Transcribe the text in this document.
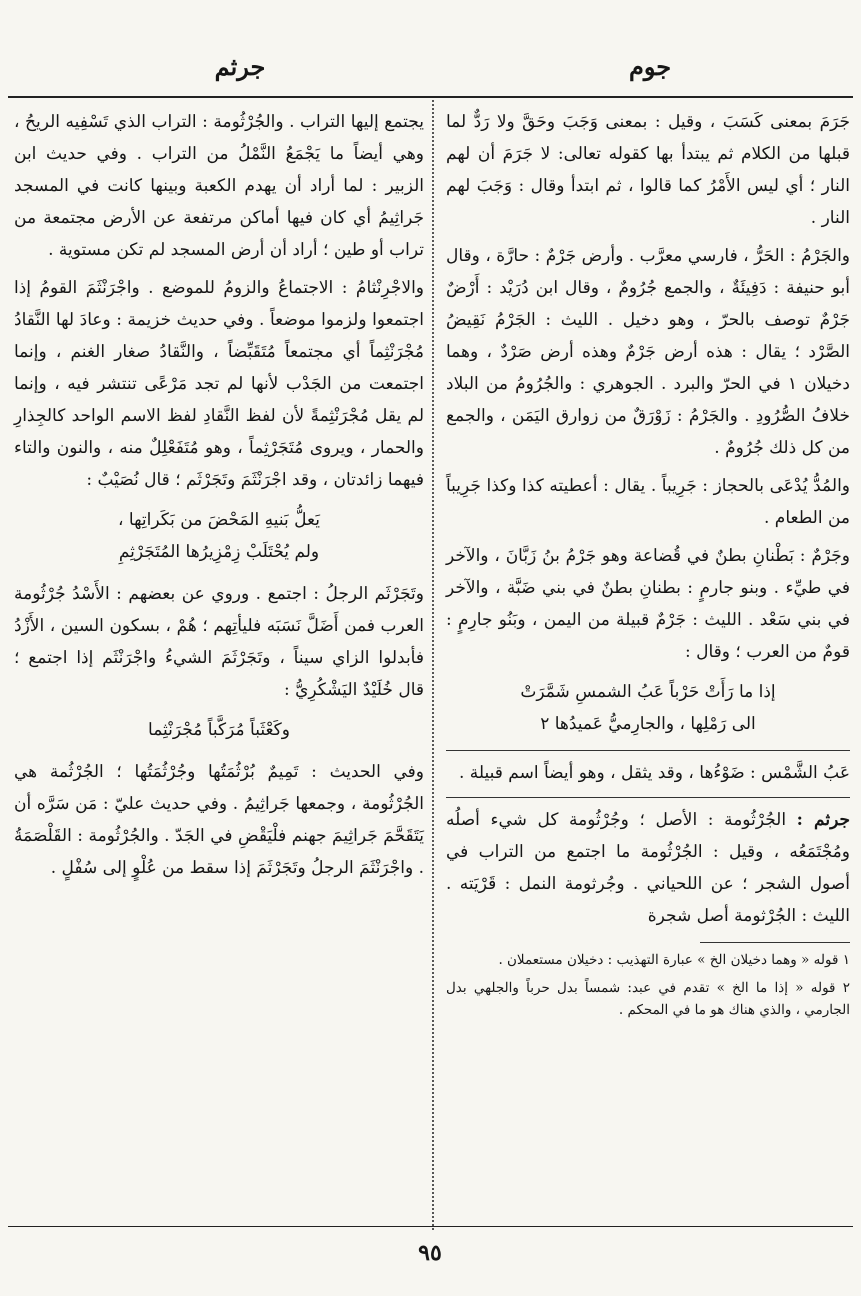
جوم
جرثم

جَرَمَ بمعنى كَسَبَ ، وقيل : بمعنى وَجَبَ وحَقَّ ولا رَدٌّ لما قبلها من الكلام ثم يبتدأ بها كقوله تعالى: لا جَرَمَ أن لهم النار ؛ أي ليس الأَمْرُ كما قالوا ، ثم ابتدأ وقال : وَجَبَ لهم النار .

والجَرْمُ : الحَرُّ ، فارسي معرَّب . وأرض جَرْمٌ : حارَّة ، وقال أبو حنيفة : دَفِيئَةٌ ، والجمع جُرُومٌ ، وقال ابن دُرَيْد : أَرْضٌ جَرْمٌ توصف بالحرّ ، وهو دخيل . الليث : الجَرْمُ نَقِيضُ الصَّرْد ؛ يقال : هذه أرض جَرْمٌ وهذه أرض صَرْدٌ ، وهما دخيلان ١ في الحرّ والبرد . الجوهري : والجُرُومُ من البلاد خلافُ الصُّرُودِ . والجَرْمُ : زَوْرَقٌ من زوارق اليَمَن ، والجمع من كل ذلك جُرُومٌ .

والمُدُّ يُدْعَى بالحجاز : جَرِيباً . يقال : أعطيته كذا وكذا جَرِيباً من الطعام .

وجَرْمٌ : بَطْنانِ بطنٌ في قُضاعة وهو جَرْمُ بنُ زَبَّانَ ، والآخر في طيِّء . وبنو جارمٍ : بطنانِ بطنٌ في بني ضَبَّة ، والآخر في بني سَعْد . الليث : جَرْمٌ قبيلة من اليمن ، وبَنُو جارِمٍ : قومٌ من العرب ؛ وقال :

إذا ما رَأَتْ حَرْباً عَبُ الشمسِ شَمَّرَتْ
الى رَمْلِها ، والجارِميُّ عَميدُها ٢

عَبُ الشَّمْس : ضَوْءُها ، وقد يثقل ، وهو أيضاً اسم قبيلة .

جرثم : الجُرْثُومة : الأصل ؛ وجُرْثُومة كل شيء أصلُه ومُجْتَمَعُه ، وقيل : الجُرْثُومة ما اجتمع من التراب في أصول الشجر ؛ عن اللحياني . وجُرثومة النمل : قَرْيَته . الليث : الجُرْثومة أصل شجرة

١ قوله « وهما دخيلان الخ » عبارة التهذيب : دخيلان مستعملان .

٢ قوله « إذا ما الخ » تقدم في عبد: شمساً بدل حرباً والجلهي بدل الجارمي ، والذي هناك هو ما في المحكم .

يجتمع إليها التراب . والجُرْثُومة : التراب الذي تَسْفِيه الريحُ ، وهي أيضاً ما يَجْمَعُ النَّمْلُ من التراب . وفي حديث ابن الزبير : لما أراد أن يهدم الكعبة وبينها كانت في المسجد جَراثِيمُ أي كان فيها أماكن مرتفعة عن الأرض مجتمعة من تراب أو طين ؛ أراد أن أرض المسجد لم تكن مستوية .

والاجْرِنْثامُ : الاجتماعُ والزومُ للموضع . واجْرَنْثَمَ القومُ إذا اجتمعوا ولزموا موضعاً . وفي حديث خزيمة : وعادَ لها النَّقادُ مُجْرَنْثِماً أي مجتمعاً مُتَقَبِّضاً ، والنَّقادُ صغار الغنم ، وإنما اجتمعت من الجَدْب لأنها لم تجد مَرْعًى تنتشر فيه ، وإنما لم يقل مُجْرَنْثِمةً لأن لفظ النَّقادِ لفظ الاسم الواحد كالجِذارِ والحمار ، ويروى مُتَجَرْثِماً ، وهو مُتَفَعْلِلٌ منه ، والنون والتاء فيهما زائدتان ، وقد اجْرَنْثَمَ وتَجَرْثَم ؛ قال نُصَيْبٌ :

يَعلُّ بَنيهِ المَحْضَ من بَكَراتِها ،
ولم يُحْتَلَبْ زِمْزِيرُها المُتَجَرْثِمِ

وتَجَرْثَم الرجلُ : اجتمع . وروي عن بعضهم : الأَسْدُ جُرْثُومة العرب فمن أَضَلَّ نَسَبَه فليأتِهم ؛ هُمْ ، بسكون السين ، الأَزْدُ فأبدلوا الزاي سيناً ، وتَجَرْثَمَ الشيءُ واجْرَنْثَم إذا اجتمع ؛ قال خُلَيْدٌ اليَشْكُرِيُّ :

وكَعْثَباً مُرَكَّباً مُجْرَنْثِما

وفي الحديث : تَمِيمٌ بُرْثُمَتُها وجُرْثُمَتُها ؛ الجُرْثُمة هي الجُرْثُومة ، وجمعها جَراثِيمُ . وفي حديث عليّ : مَن سَرَّه أن يَتَقَحَّمَ جَراثِيمَ جهنم فلْيَقْضِ في الجَدّ . والجُرْثُومة : القَلْصَمَةُ . واجْرَنْثَمَ الرجلُ وتَجَرْثَمَ إذا سقط من عُلْوٍ إلى سُفْلٍ .

٩٥
